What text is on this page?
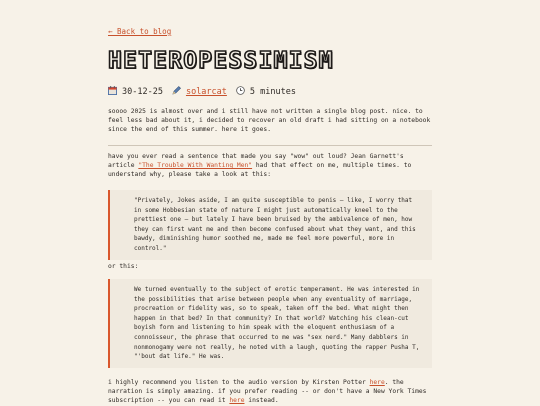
← Back to blog
HETEROPESSIMISM
30-12-25	solarcat	5 minutes

soooo 2025 is almost over and i still have not written a single blog post. nice. to feel less bad about it, i decided to recover an old draft i had sitting on a notebook since the end of this summer. here it goes.

have you ever read a sentence that made you say "wow" out loud? Jean Garnett's article "The Trouble With Wanting Men" had that effect on me, multiple times. to understand why, please take a look at this:

"Privately, Jokes aside, I am quite susceptible to penis — like, I worry that in some Hobbesian state of nature I might just automatically kneel to the prettiest one — but lately I have been bruised by the ambivalence of men, how they can first want me and then become confused about what they want, and this bawdy, diminishing humor soothed me, made me feel more powerful, more in control."

or this:

We turned eventually to the subject of erotic temperament. He was interested in the possibilities that arise between people when any eventuality of marriage, procreation or fidelity was, so to speak, taken off the bed. What might then happen in that bed? In that community? In that world? Watching his clean-cut boyish form and listening to him speak with the eloquent enthusiasm of a connoisseur, the phrase that occurred to me was "sex nerd." Many dabblers in nonmonogamy were not really, he noted with a laugh, quoting the rapper Pusha T, "'bout dat life." He was.

i highly recommend you listen to the audio version by Kirsten Potter here. the narration is simply amazing. if you prefer reading -- or don't have a New York Times subscription -- you can read it here instead.
